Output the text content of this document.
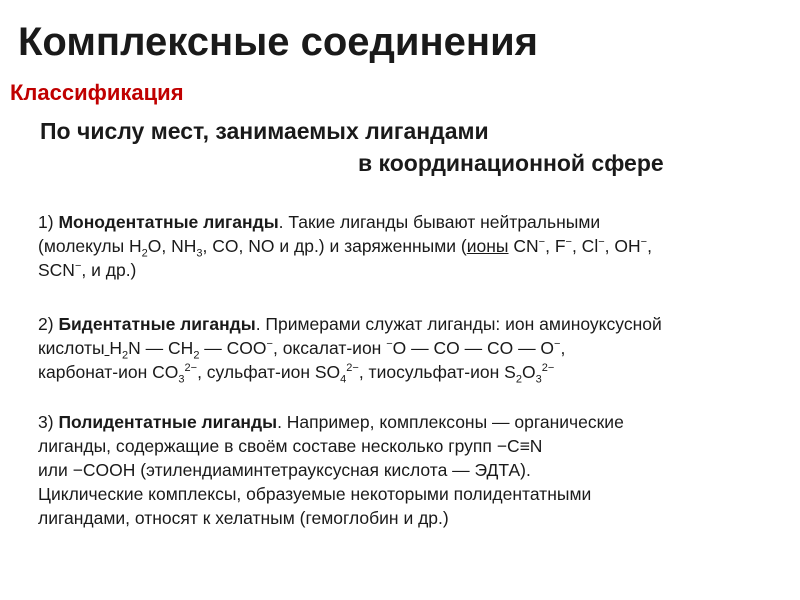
Комплексные соединения
Классификация
По числу мест, занимаемых лигандами
в координационной сфере
1) Монодентатные лиганды. Такие лиганды бывают нейтральными
(молекулы $H_2O$, $NH_3$, CO, NO и др.) и заряженными (ионы CN−, F−, Cl−, OH−,
SCN−, и др.)
2) Бидентатные лиганды. Примерами служат лиганды: ион аминоуксусной
кислоты $H_2N$ — $CH_2$ — COO−, оксалат-ион −O — CO — CO — O−,
карбонат-ион $CO_3^{2-}$, сульфат-ион $SO_4^{2-}$, тиосульфат-ион $S_2O_3^{2-}$
3) Полидентатные лиганды. Например, комплексоны — органические
лиганды, содержащие в своём составе несколько групп −C≡N
или −COOH (этилендиаминтетрауксусная кислота — ЭДТА).
Циклические комплексы, образуемые некоторыми полидентатными
лигандами, относят к хелатным (гемоглобин и др.)
